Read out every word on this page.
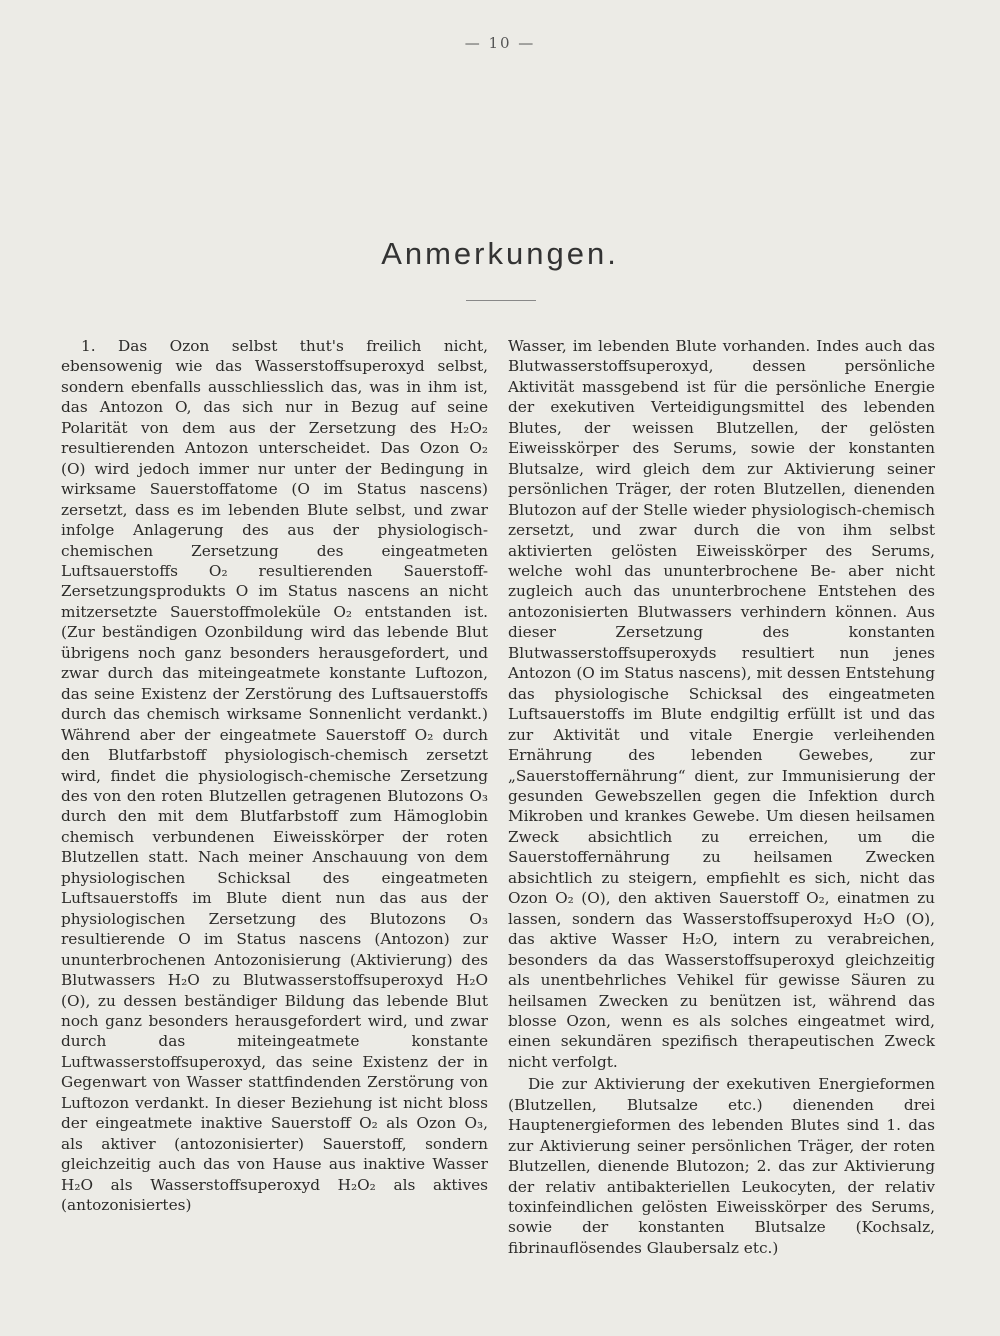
— 10 —
Anmerkungen.

1. Das Ozon selbst thut's freilich nicht, ebensowenig wie das Wasserstoffsuperoxyd selbst, sondern ebenfalls ausschliesslich das, was in ihm ist, das Antozon O, das sich nur in Bezug auf seine Polarität von dem aus der Zersetzung des H₂O₂ resultierenden Antozon unterscheidet. Das Ozon O₂ (O) wird jedoch immer nur unter der Bedingung in wirksame Sauerstoffatome (O im Status nascens) zersetzt, dass es im lebenden Blute selbst, und zwar infolge Anlagerung des aus der physiologisch-chemischen Zersetzung des eingeatmeten Luftsauerstoffs O₂ resultierenden Sauerstoff-Zersetzungsprodukts O im Status nascens an nicht mitzersetzte Sauerstoffmoleküle O₂ entstanden ist. (Zur beständigen Ozonbildung wird das lebende Blut übrigens noch ganz besonders herausgefordert, und zwar durch das miteingeatmete konstante Luftozon, das seine Existenz der Zerstörung des Luftsauerstoffs durch das chemisch wirksame Sonnenlicht verdankt.) Während aber der eingeatmete Sauerstoff O₂ durch den Blutfarbstoff physiologisch-chemisch zersetzt wird, findet die physiologisch-chemische Zersetzung des von den roten Blutzellen getragenen Blutozons O₃ durch den mit dem Blutfarbstoff zum Hämoglobin chemisch verbundenen Eiweisskörper der roten Blutzellen statt. Nach meiner Anschauung von dem physiologischen Schicksal des eingeatmeten Luftsauerstoffs im Blute dient nun das aus der physiologischen Zersetzung des Blutozons O₃ resultierende O im Status nascens (Antozon) zur ununterbrochenen Antozonisierung (Aktivierung) des Blutwassers H₂O zu Blutwasserstoffsuperoxyd H₂O (O), zu dessen beständiger Bildung das lebende Blut noch ganz besonders herausgefordert wird, und zwar durch das miteingeatmete konstante Luftwasserstoffsuperoxyd, das seine Existenz der in Gegenwart von Wasser stattfindenden Zerstörung von Luftozon verdankt. In dieser Beziehung ist nicht bloss der eingeatmete inaktive Sauerstoff O₂ als Ozon O₃, als aktiver (antozonisierter) Sauerstoff, sondern gleichzeitig auch das von Hause aus inaktive Wasser H₂O als Wasserstoffsuperoxyd H₂O₂ als aktives (antozonisiertes)

Wasser, im lebenden Blute vorhanden. Indes auch das Blutwasserstoffsuperoxyd, dessen persönliche Aktivität massgebend ist für die persönliche Energie der exekutiven Verteidigungsmittel des lebenden Blutes, der weissen Blutzellen, der gelösten Eiweisskörper des Serums, sowie der konstanten Blutsalze, wird gleich dem zur Aktivierung seiner persönlichen Träger, der roten Blutzellen, dienenden Blutozon auf der Stelle wieder physiologisch-chemisch zersetzt, und zwar durch die von ihm selbst aktivierten gelösten Eiweisskörper des Serums, welche wohl das ununterbrochene Be- aber nicht zugleich auch das ununterbrochene Entstehen des antozonisierten Blutwassers verhindern können. Aus dieser Zersetzung des konstanten Blutwasserstoffsuperoxyds resultiert nun jenes Antozon (O im Status nascens), mit dessen Entstehung das physiologische Schicksal des eingeatmeten Luftsauerstoffs im Blute endgiltig erfüllt ist und das zur Aktivität und vitale Energie verleihenden Ernährung des lebenden Gewebes, zur „Sauerstoffernährung“ dient, zur Immunisierung der gesunden Gewebszellen gegen die Infektion durch Mikroben und krankes Gewebe. Um diesen heilsamen Zweck absichtlich zu erreichen, um die Sauerstoffernährung zu heilsamen Zwecken absichtlich zu steigern, empfiehlt es sich, nicht das Ozon O₂ (O), den aktiven Sauerstoff O₂, einatmen zu lassen, sondern das Wasserstoffsuperoxyd H₂O (O), das aktive Wasser H₂O, intern zu verabreichen, besonders da das Wasserstoffsuperoxyd gleichzeitig als unentbehrliches Vehikel für gewisse Säuren zu heilsamen Zwecken zu benützen ist, während das blosse Ozon, wenn es als solches eingeatmet wird, einen sekundären spezifisch therapeutischen Zweck nicht verfolgt.

Die zur Aktivierung der exekutiven Energieformen (Blutzellen, Blutsalze etc.) dienenden drei Hauptenergieformen des lebenden Blutes sind 1. das zur Aktivierung seiner persönlichen Träger, der roten Blutzellen, dienende Blutozon; 2. das zur Aktivierung der relativ antibakteriellen Leukocyten, der relativ toxinfeindlichen gelösten Eiweisskörper des Serums, sowie der konstanten Blutsalze (Kochsalz, fibrinauflösendes Glaubersalz etc.)
